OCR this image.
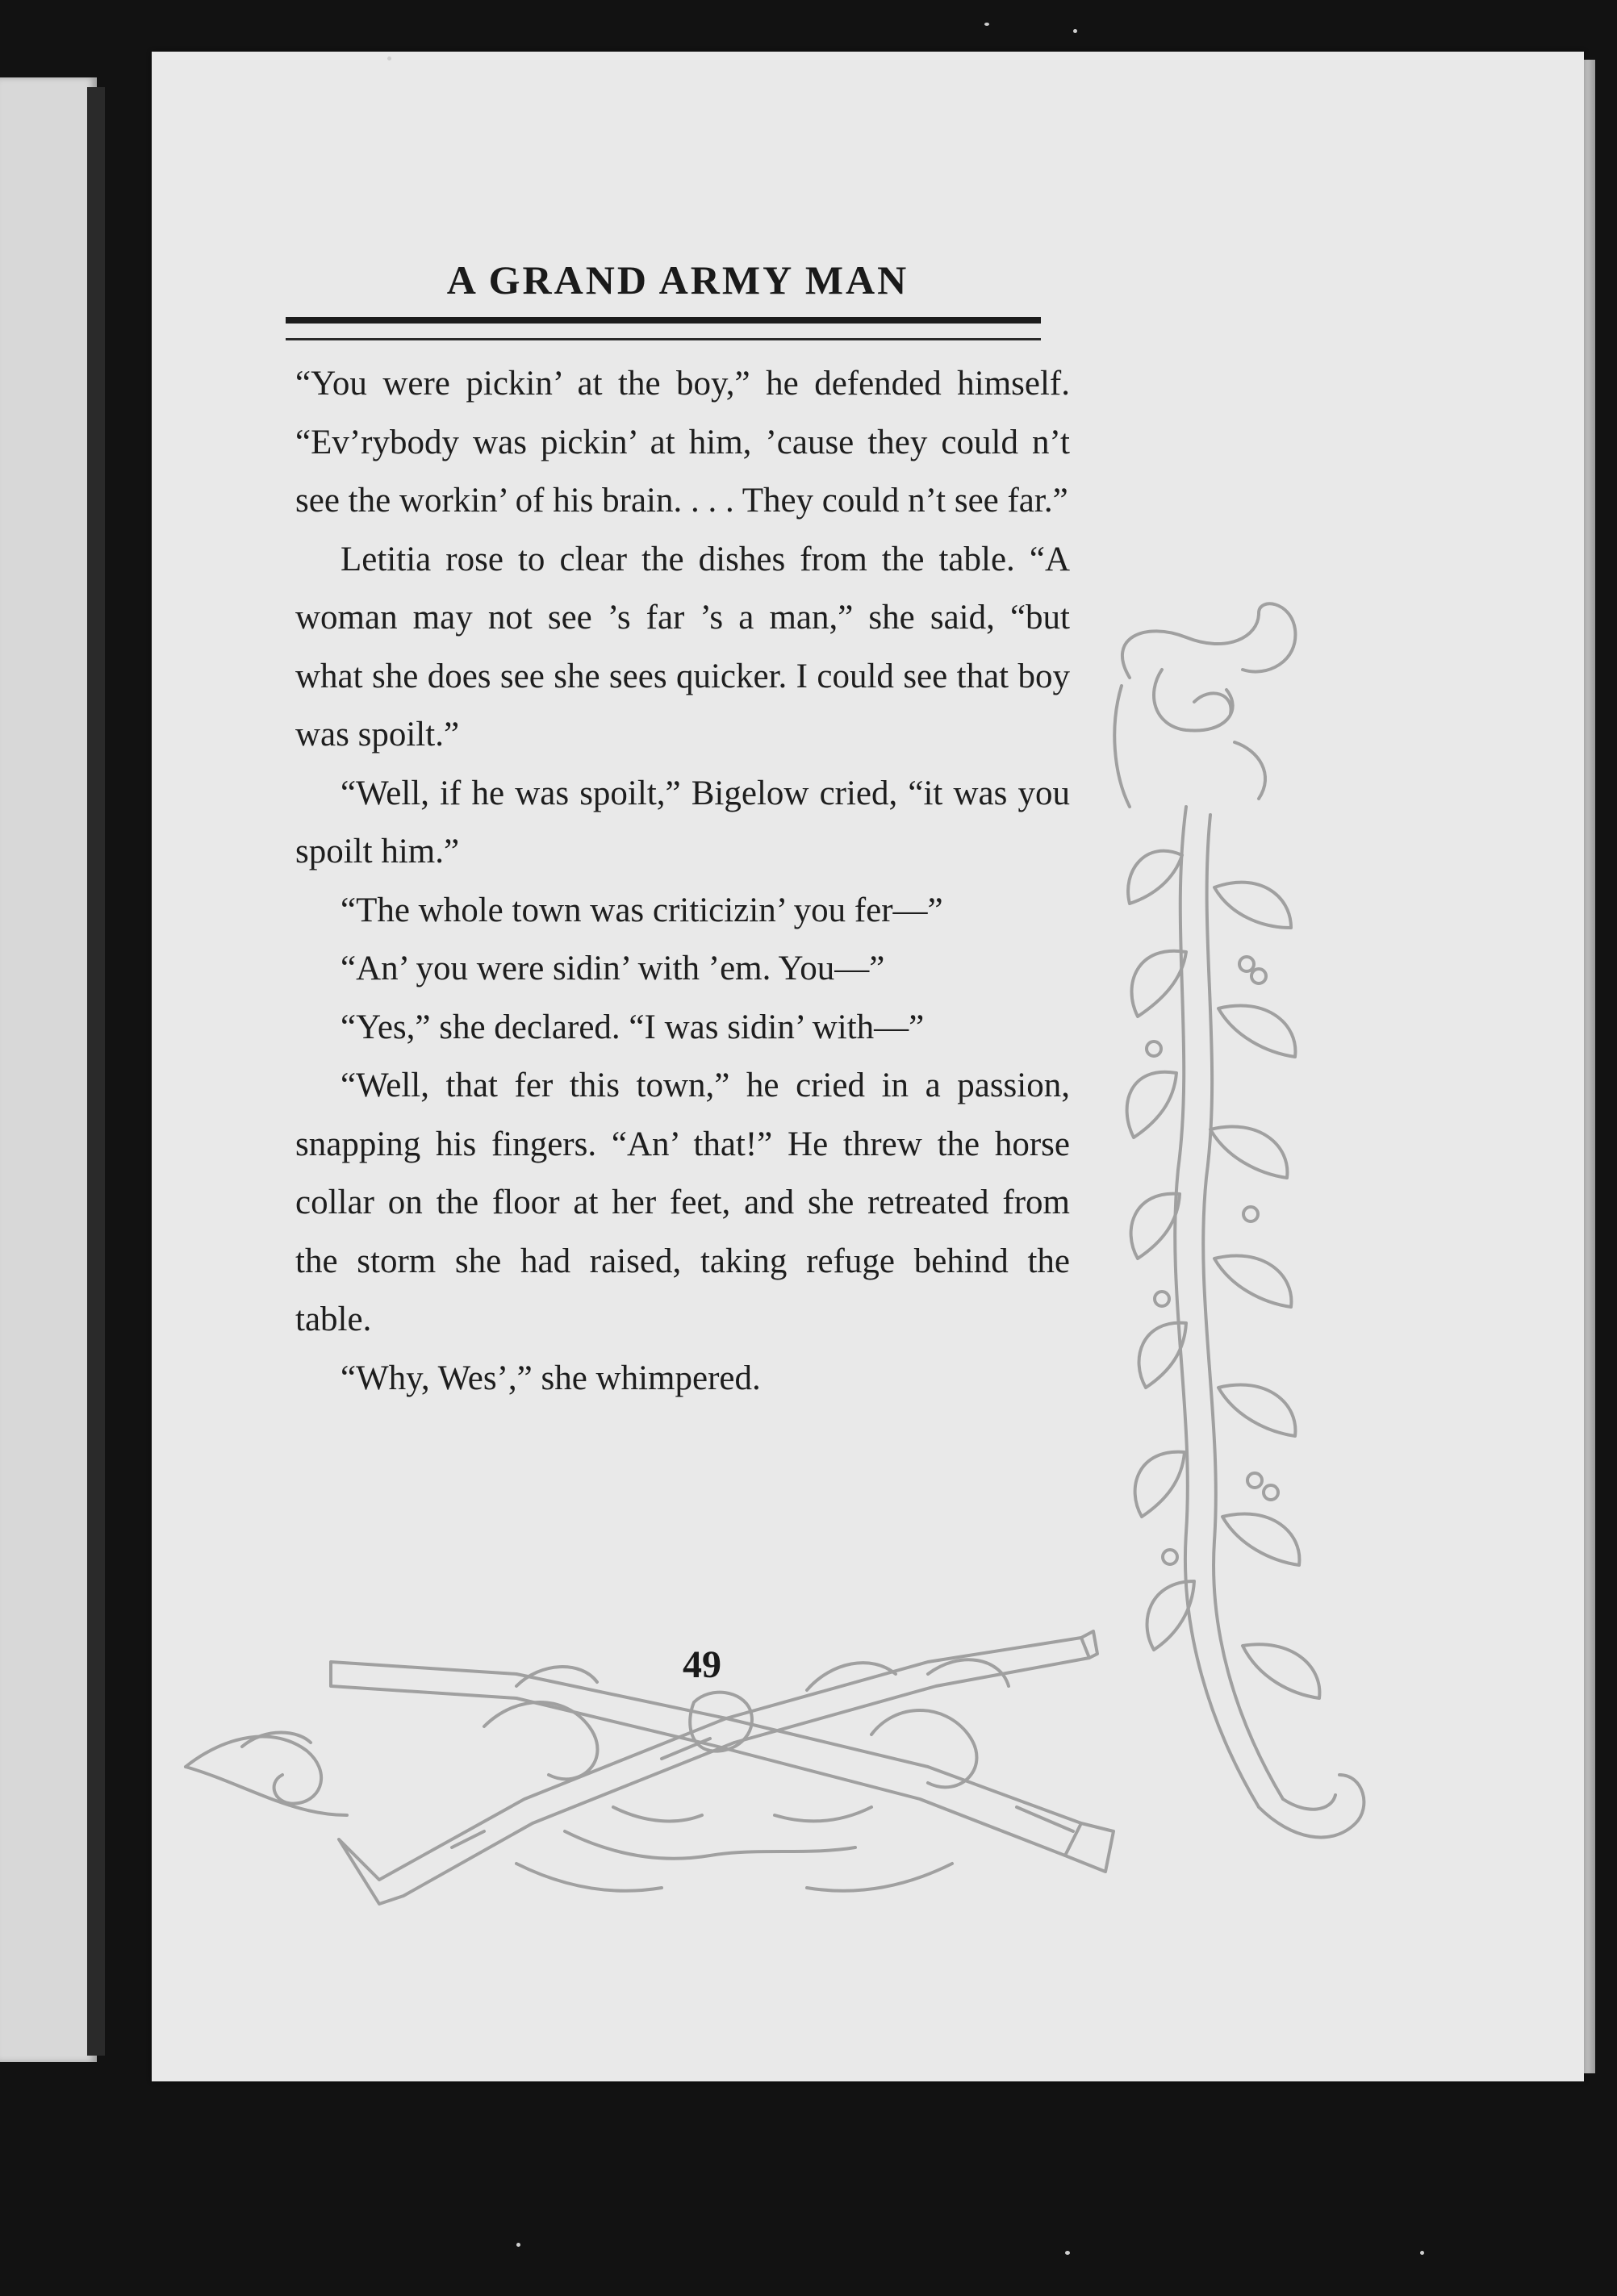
A GRAND ARMY MAN

“You were pickin’ at the boy,” he defended himself. “Ev’rybody was pickin’ at him, ’cause they could n’t see the workin’ of his brain. . . . They could n’t see far.”

Letitia rose to clear the dishes from the table. “A woman may not see ’s far ’s a man,” she said, “but what she does see she sees quicker. I could see that boy was spoilt.”

“Well, if he was spoilt,” Bigelow cried, “it was you spoilt him.”

“The whole town was criticizin’ you fer—”

“An’ you were sidin’ with ’em. You—”

“Yes,” she declared. “I was sidin’ with—”

“Well, that fer this town,” he cried in a passion, snapping his fingers. “An’ that!” He threw the horse collar on the floor at her feet, and she retreated from the storm she had raised, taking refuge behind the table.

“Why, Wes’,” she whimpered.

49
